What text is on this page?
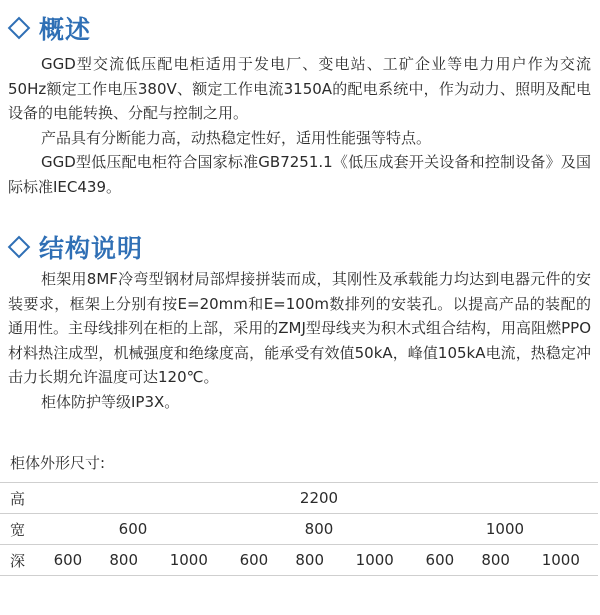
概述

GGD型交流低压配电柜适用于发电厂、变电站、工矿企业等电力用户作为交流50Hz额定工作电压380V、额定工作电流3150A的配电系统中，作为动力、照明及配电设备的电能转换、分配与控制之用。

产品具有分断能力高，动热稳定性好，适用性能强等特点。

GGD型低压配电柜符合国家标准GB7251.1《低压成套开关设备和控制设备》及国际标准IEC439。

结构说明

柜架用8MF冷弯型钢材局部焊接拼装而成，其刚性及承载能力均达到电器元件的安装要求，框架上分别有按E=20mm和E=100m数排列的安装孔。以提高产品的装配的通用性。主母线排列在柜的上部，采用的ZMJ型母线夹为积木式组合结构，用高阻燃PPO材料热注成型，机械强度和绝缘度高，能承受有效值50kA，峰值105kA电流，热稳定冲击力长期允许温度可达120℃。

柜体防护等级IP3X。

柜体外形尺寸:
高	2200								
宽	600			800			1000		
深	600	800	1000	600	800	1000	600	800	1000
